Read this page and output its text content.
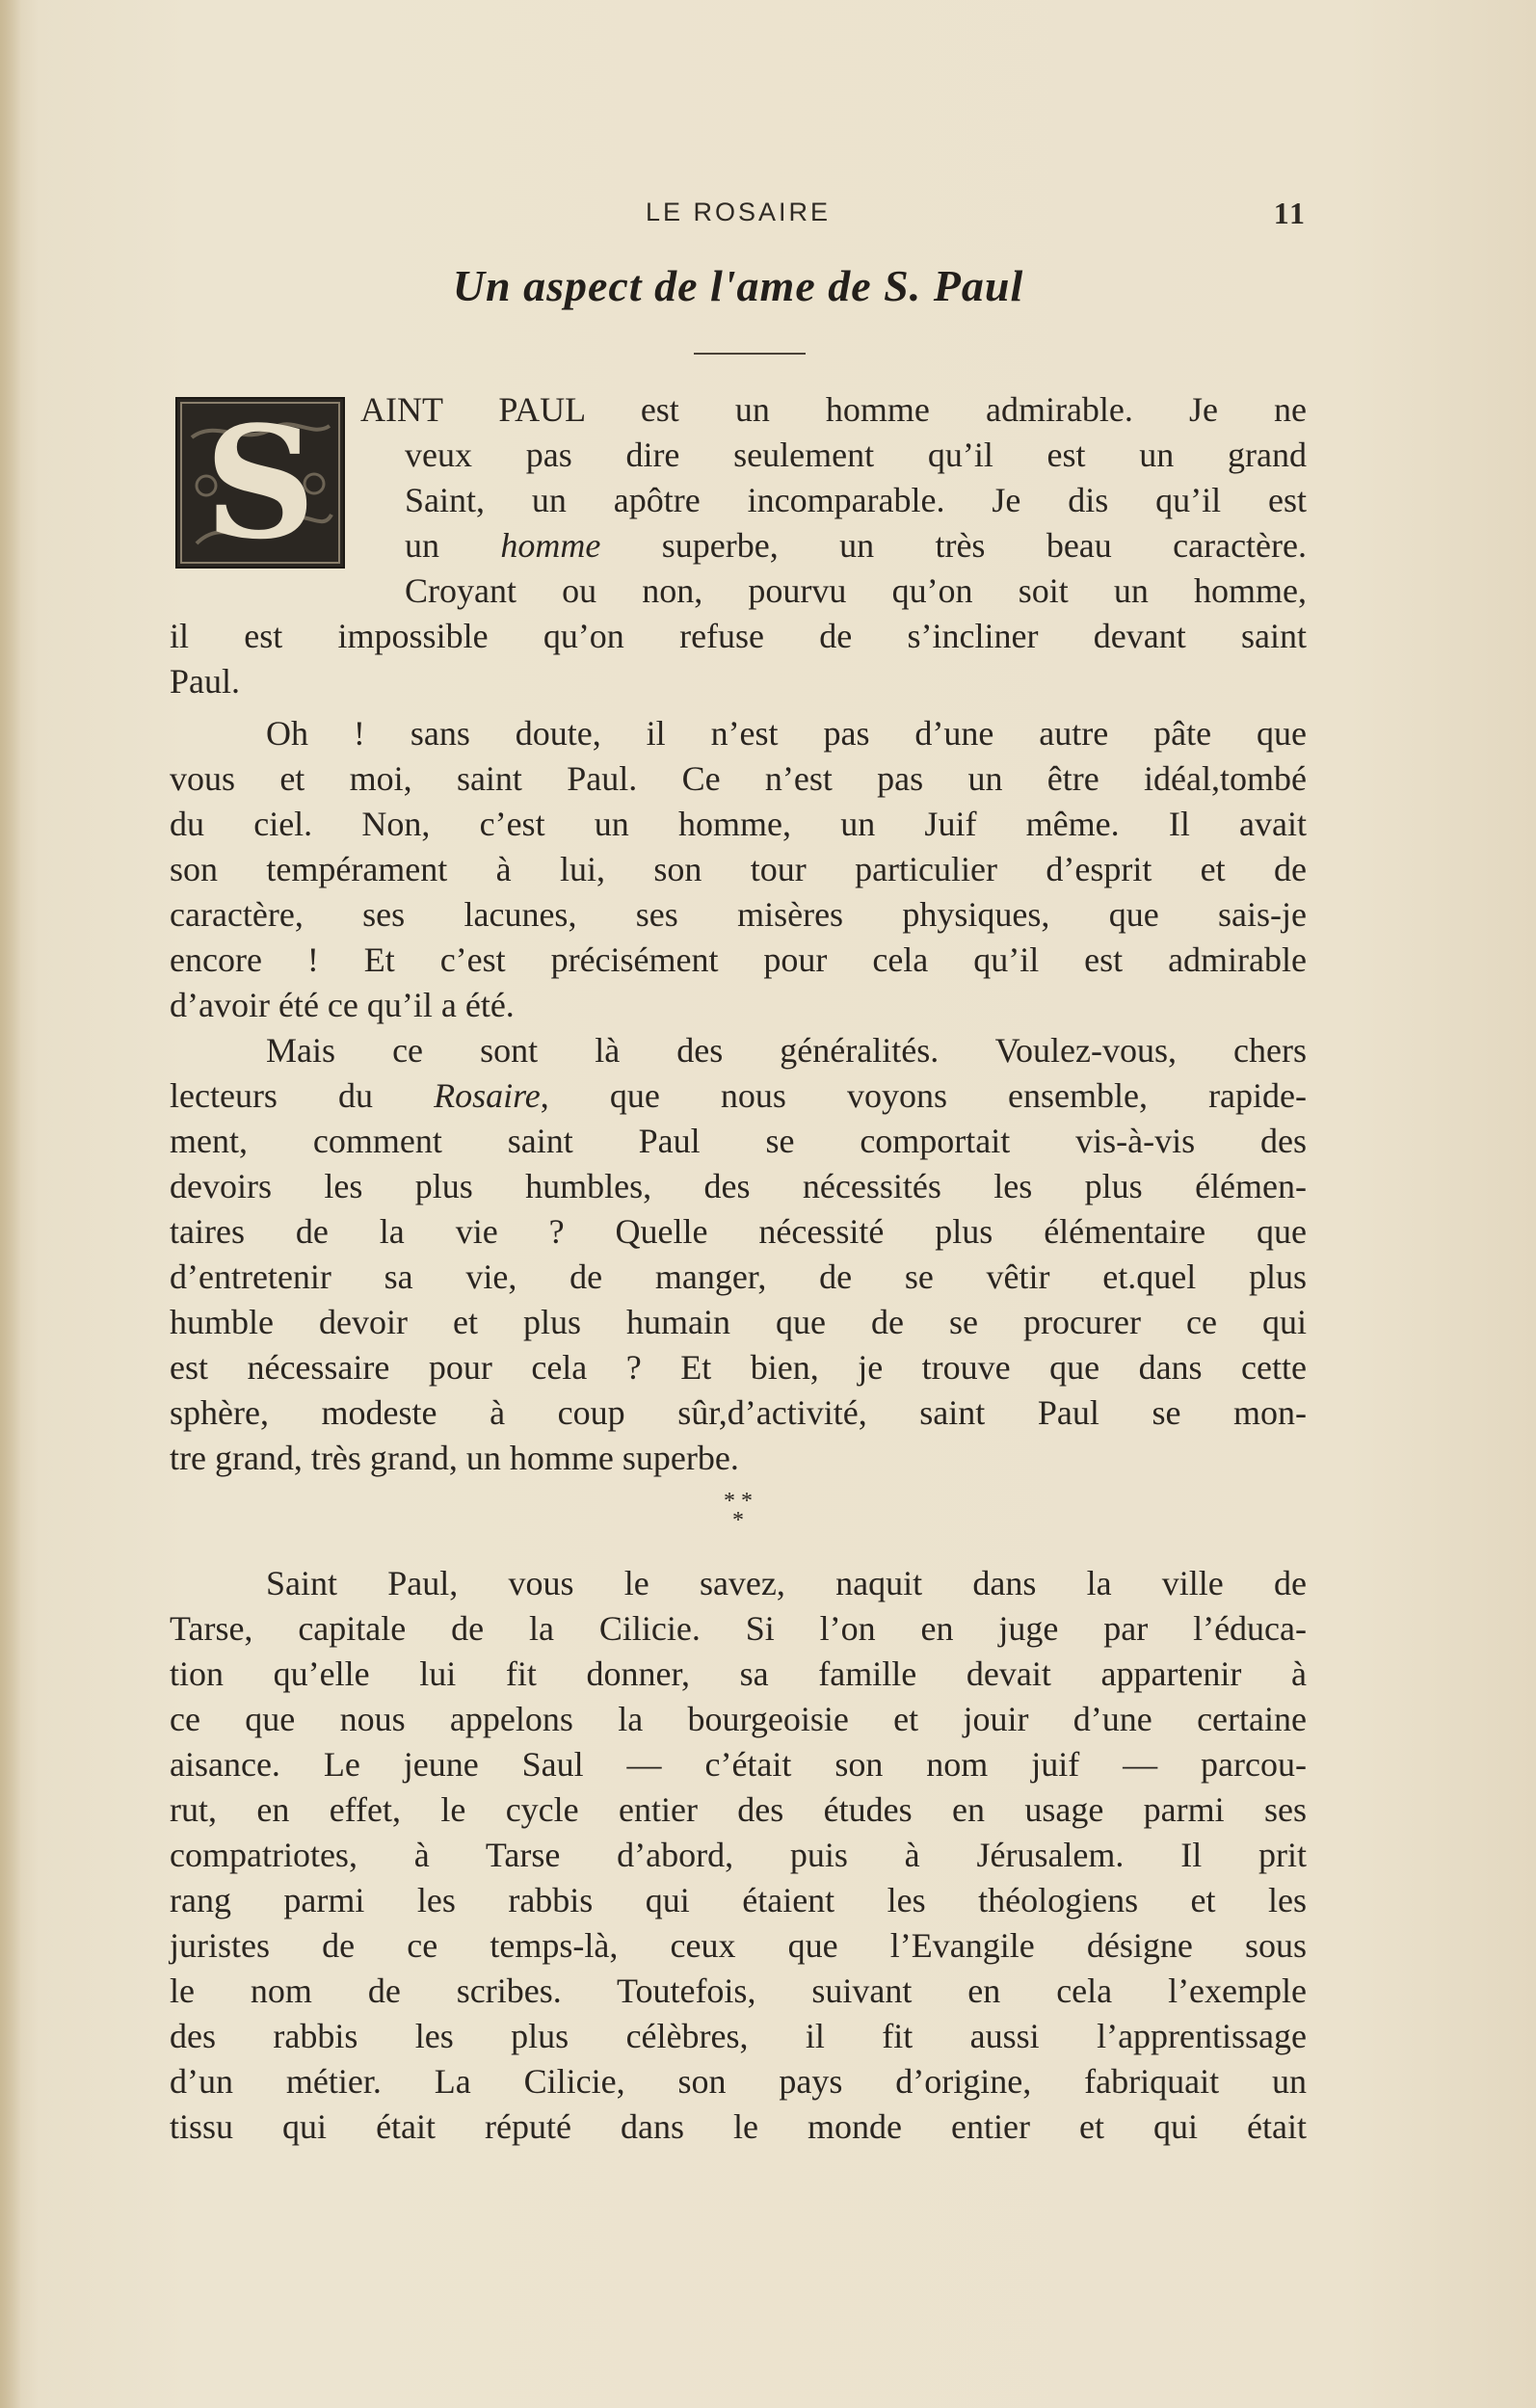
LE ROSAIRE	11
Un aspect de l'ame de S. Paul
S	AINT PAUL est un homme admirable. Je ne
veux pas dire seulement qu’il est un grand
Saint, un apôtre incomparable. Je dis qu’il est
un homme superbe, un très beau caractère.
Croyant ou non, pourvu qu’on soit un homme,
il est impossible qu’on refuse de s’incliner devant saint
Paul.
Oh ! sans doute, il n’est pas d’une autre pâte que
vous et moi, saint Paul. Ce n’est pas un être idéal,tombé
du ciel. Non, c’est un homme, un Juif même. Il avait
son tempérament à lui, son tour particulier d’esprit et de
caractère, ses lacunes, ses misères physiques, que sais-je
encore ! Et c’est précisément pour cela qu’il est admirable
d’avoir été ce qu’il a été.
Mais ce sont là des généralités. Voulez-vous, chers
lecteurs du Rosaire, que nous voyons ensemble, rapide-
ment, comment saint Paul se comportait vis-à-vis des
devoirs les plus humbles, des nécessités les plus élémen-
taires de la vie ? Quelle nécessité plus élémentaire que
d’entretenir sa vie, de manger, de se vêtir et.quel plus
humble devoir et plus humain que de se procurer ce qui
est nécessaire pour cela ? Et bien, je trouve que dans cette
sphère, modeste à coup sûr,d’activité, saint Paul se mon-
tre grand, très grand, un homme superbe.
* *
*
Saint Paul, vous le savez, naquit dans la ville de
Tarse, capitale de la Cilicie. Si l’on en juge par l’éduca-
tion qu’elle lui fit donner, sa famille devait appartenir à
ce que nous appelons la bourgeoisie et jouir d’une certaine
aisance. Le jeune Saul — c’était son nom juif — parcou-
rut, en effet, le cycle entier des études en usage parmi ses
compatriotes, à Tarse d’abord, puis à Jérusalem. Il prit
rang parmi les rabbis qui étaient les théologiens et les
juristes de ce temps-là, ceux que l’Evangile désigne sous
le nom de scribes. Toutefois, suivant en cela l’exemple
des rabbis les plus célèbres, il fit aussi l’apprentissage
d’un métier. La Cilicie, son pays d’origine, fabriquait un
tissu qui était réputé dans le monde entier et qui était
